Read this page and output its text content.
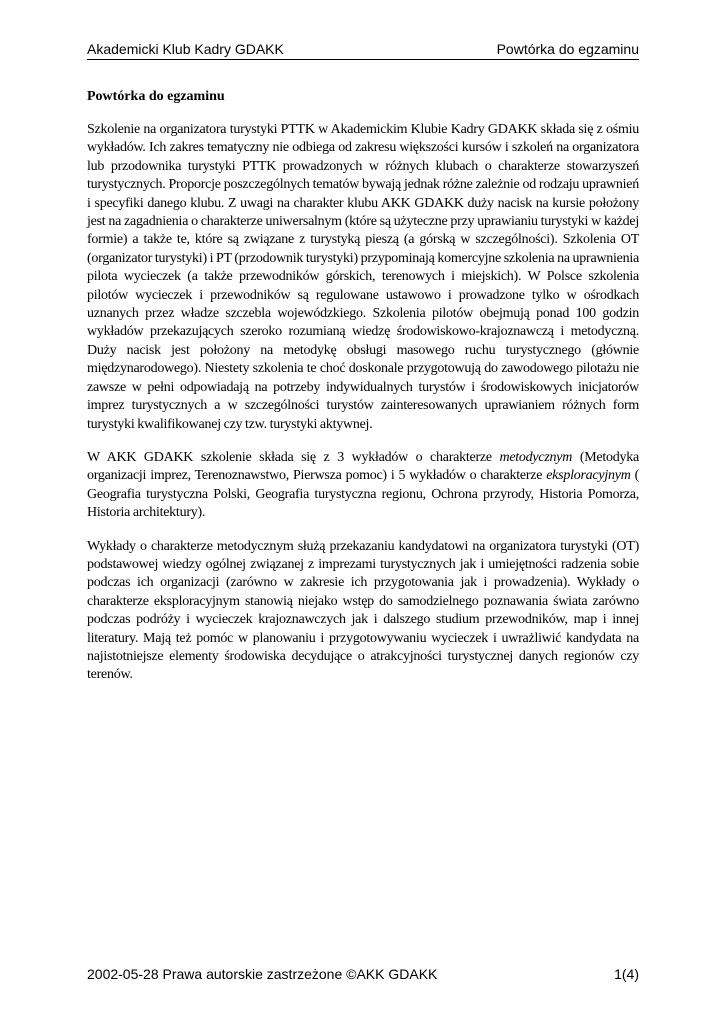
Akademicki Klub Kadry GDAKK	Powtórka do egzaminu
Powtórka do egzaminu

Szkolenie na organizatora turystyki PTTK w Akademickim Klubie Kadry GDAKK składa się z ośmiu wykładów. Ich zakres tematyczny nie odbiega od zakresu większości kursów i szkoleń na organizatora lub przodownika turystyki PTTK prowadzonych w różnych klubach o charakterze stowarzyszeń turystycznych. Proporcje poszczególnych tematów bywają jednak różne zależnie od rodzaju uprawnień i specyfiki danego klubu. Z uwagi na charakter klubu AKK GDAKK duży nacisk na kursie położony jest na zagadnienia o charakterze uniwersalnym (które są użyteczne przy uprawianiu turystyki w każdej formie) a także te, które są związane z turystyką pieszą (a górską w szczególności). Szkolenia OT (organizator turystyki) i PT (przodownik turystyki) przypominają komercyjne szkolenia na uprawnienia pilota wycieczek (a także przewodników górskich, terenowych i miejskich). W Polsce szkolenia pilotów wycieczek i przewodników są regulowane ustawowo i prowadzone tylko w ośrodkach uznanych przez władze szczebla wojewódzkiego. Szkolenia pilotów obejmują ponad 100 godzin wykładów przekazujących szeroko rozumianą wiedzę środowiskowo-krajoznawczą i metodyczną. Duży nacisk jest położony na metodykę obsługi masowego ruchu turystycznego (głównie międzynarodowego). Niestety szkolenia te choć doskonale przygotowują do zawodowego pilotażu nie zawsze w pełni odpowiadają na potrzeby indywidualnych turystów i środowiskowych inicjatorów imprez turystycznych a w szczególności turystów zainteresowanych uprawianiem różnych form turystyki kwalifikowanej czy tzw. turystyki aktywnej.

W AKK GDAKK szkolenie składa się z 3 wykładów o charakterze metodycznym (Metodyka organizacji imprez, Terenoznawstwo, Pierwsza pomoc) i 5 wykładów o charakterze eksploracyjnym ( Geografia turystyczna Polski, Geografia turystyczna regionu, Ochrona przyrody, Historia Pomorza, Historia architektury).

Wykłady o charakterze metodycznym służą przekazaniu kandydatowi na organizatora turystyki (OT) podstawowej wiedzy ogólnej związanej z imprezami turystycznych jak i umiejętności radzenia sobie podczas ich organizacji (zarówno w zakresie ich przygotowania jak i prowadzenia). Wykłady o charakterze eksploracyjnym stanowią niejako wstęp do samodzielnego poznawania świata zarówno podczas podróży i wycieczek krajoznawczych jak i dalszego studium przewodników, map i innej literatury. Mają też pomóc w planowaniu i przygotowywaniu wycieczek i uwrażliwić kandydata na najistotniejsze elementy środowiska decydujące o atrakcyjności turystycznej danych regionów czy terenów.

2002-05-28 Prawa autorskie zastrzeżone ©AKK GDAKK	1(4)
